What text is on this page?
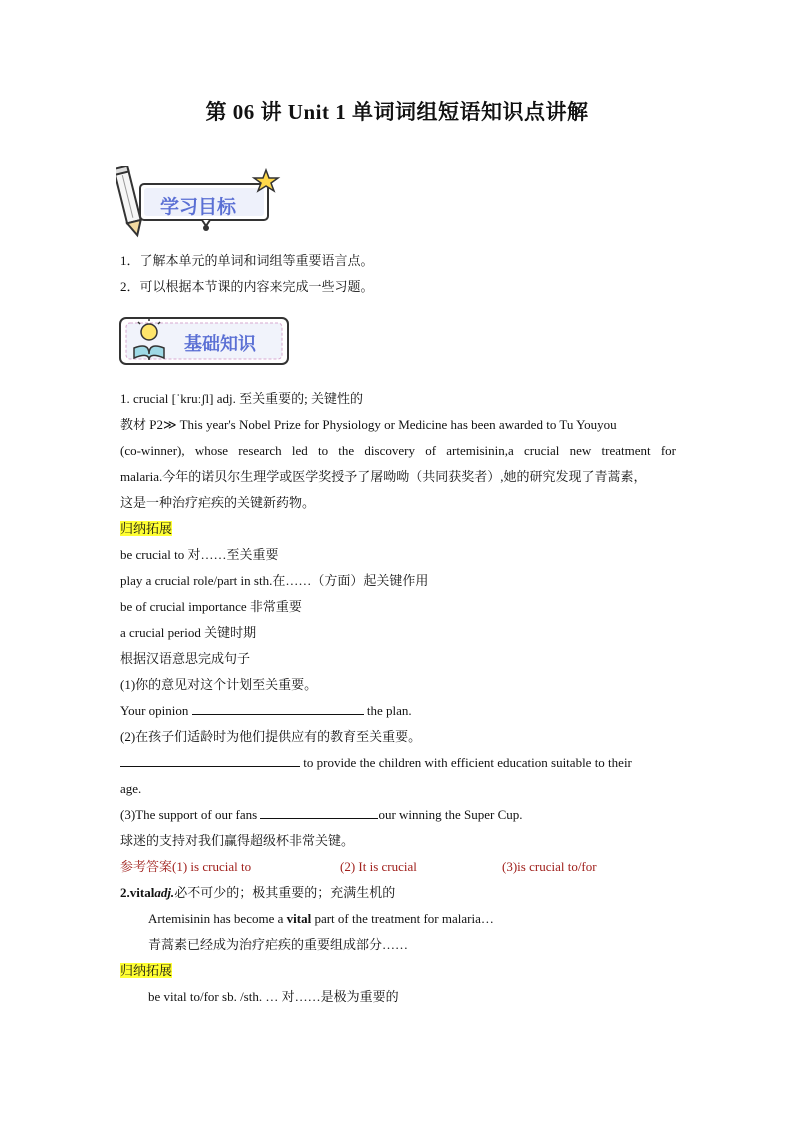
第 06 讲 Unit 1 单词词组短语知识点讲解
学习目标
基础知识
1．了解本单元的单词和词组等重要语言点。
2．可以根据本节课的内容来完成一些习题。
1. crucial [ˈkruːʃl] adj. 至关重要的; 关键性的
教材 P2≫ This year's Nobel Prize for Physiology or Medicine has been awarded to Tu Youyou
(co-winner), whose research led to the discovery of artemisinin,a crucial new treatment for
malaria.今年的诺贝尔生理学或医学奖授予了屠呦呦（共同获奖者）,她的研究发现了青蒿素，
这是一种治疗疟疾的关键新药物。
归纳拓展
be crucial to 对……至关重要
play a crucial role/part in sth.在……（方面）起关键作用
be of crucial importance 非常重要
a crucial period 关键时期
根据汉语意思完成句子
(1)你的意见对这个计划至关重要。
Your opinion	the plan.
(2)在孩子们适龄时为他们提供应有的教育至关重要。
to provide the children with efficient education suitable to their
age.
(3)The support of our fans	our winning the Super Cup.
球迷的支持对我们赢得超级杯非常关键。
参考答案(1) is crucial to	(2) It is crucial	(3)is crucial to/for
2.vitaladj.必不可少的；极其重要的；充满生机的
Artemisinin has become a vital part of the treatment for malaria…
青蒿素已经成为治疗疟疾的重要组成部分……
归纳拓展
be vital to/for sb. /sth. … 对……是极为重要的
